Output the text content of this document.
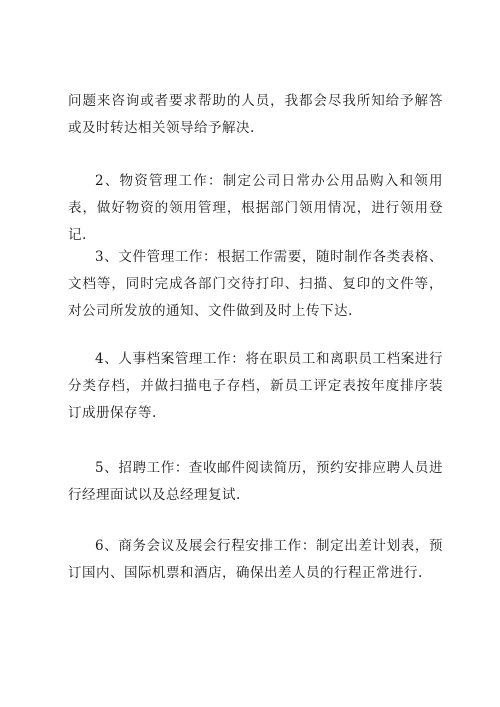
问题来咨询或者要求帮助的人员，我都会尽我所知给予解答或及时转达相关领导给予解决.

2、物资管理工作：制定公司日常办公用品购入和领用表，做好物资的领用管理，根据部门领用情况，进行领用登记.

3、文件管理工作：根据工作需要，随时制作各类表格、文档等，同时完成各部门交待打印、扫描、复印的文件等，对公司所发放的通知、文件做到及时上传下达.

4、人事档案管理工作：将在职员工和离职员工档案进行分类存档，并做扫描电子存档，新员工评定表按年度排序装订成册保存等.

5、招聘工作：查收邮件阅读简历，预约安排应聘人员进行经理面试以及总经理复试.

6、商务会议及展会行程安排工作：制定出差计划表，预订国内、国际机票和酒店，确保出差人员的行程正常进行.
